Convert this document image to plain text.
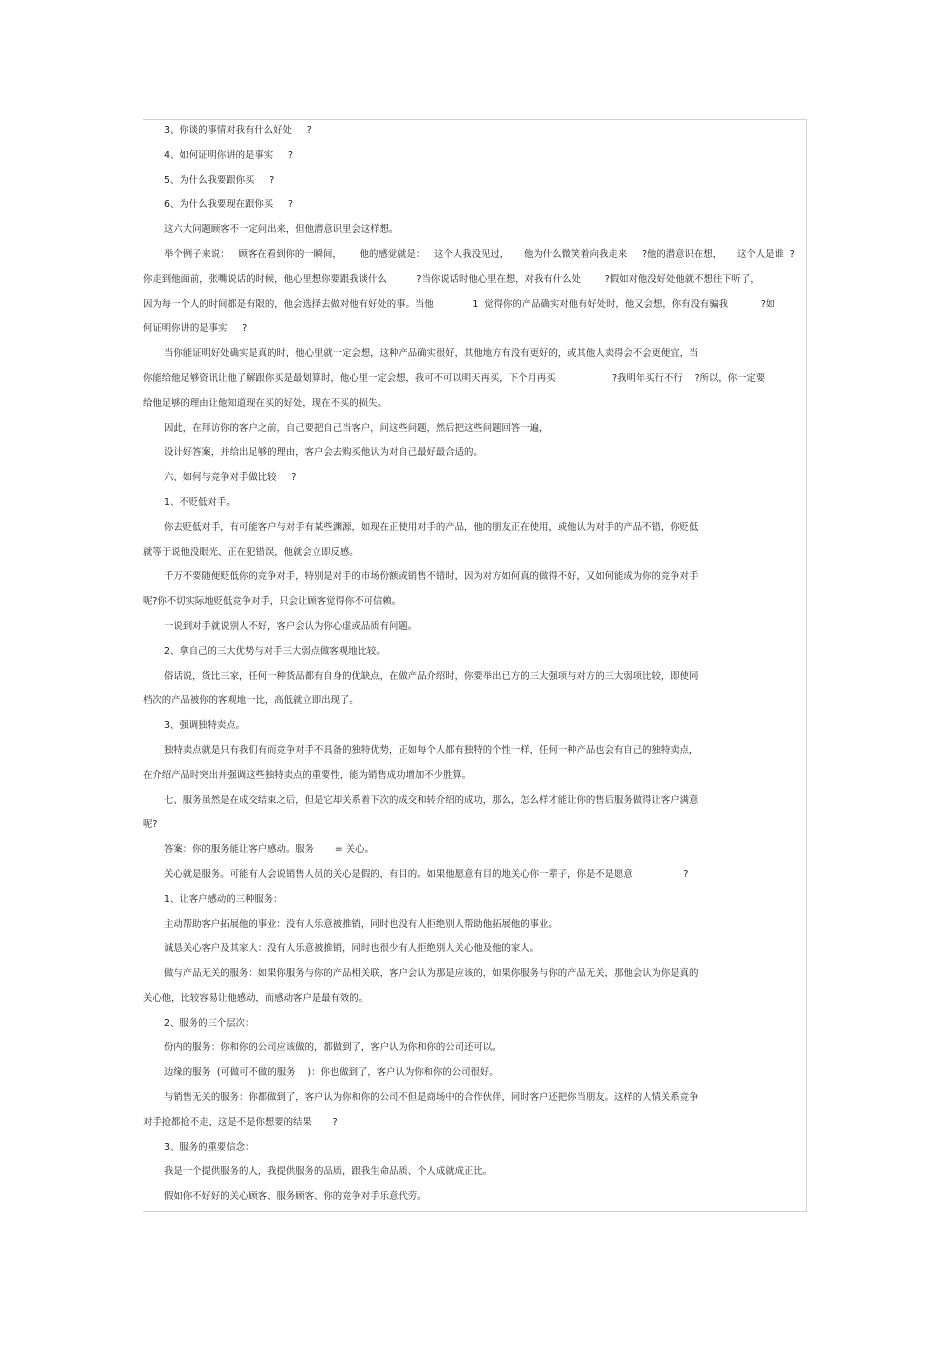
3、你谈的事情对我有什么好处     ?
4、如何证明你讲的是事实     ?
5、为什么我要跟你买     ?
6、为什么我要现在跟你买     ?
这六大问题顾客不一定问出来，但他潜意识里会这样想。
举个例子来说：   顾客在看到你的一瞬间，      他的感觉就是：   这个人我没见过，     他为什么微笑着向我走来     ?他的潜意识在想，     这个人是谁  ?
你走到他面前，张嘴说话的时候，他心里想你要跟我谈什么          ?当你说话时他心里在想，对我有什么处        ?假如对他没好处他就不想往下听了，
因为每一个人的时间都是有限的，他会选择去做对他有好处的事。当他             1  觉得你的产品确实对他有好处时，他又会想，你有没有骗我           ?如
何证明你讲的是事实     ?
当你能证明好处确实是真的时，他心里就一定会想，这种产品确实很好，其他地方有没有更好的，或其他人卖得会不会更便宜，当
你能给他足够资讯让他了解跟你买是最划算时，他心里一定会想，我可不可以明天再买，下个月再买                   ?我明年买行不行    ?所以，你一定要
给他足够的理由让他知道现在买的好处，现在不买的损失。
因此，在拜访你的客户之前，自己要把自己当客户，问这些问题，然后把这些问题回答一遍，
设计好答案，并给出足够的理由，客户会去购买他认为对自己最好最合适的。
六、如何与竞争对手做比较     ?
1、不贬低对手。
你去贬低对手，有可能客户与对手有某些渊源，如现在正使用对手的产品，他的朋友正在使用，或他认为对手的产品不错，你贬低
就等于说他没眼光、正在犯错误，他就会立即反感。
千万不要随便贬低你的竞争对手，特别是对手的市场份额或销售不错时，因为对方如何真的做得不好，又如何能成为你的竞争对手
呢?你不切实际地贬低竞争对手，只会让顾客觉得你不可信赖。
一说到对手就说别人不好，客户会认为你心虚或品质有问题。
2、拿自己的三大优势与对手三大弱点做客观地比较。
俗话说，货比三家，任何一种货品都有自身的优缺点，在做产品介绍时，你要举出已方的三大强项与对方的三大弱项比较，即使同
档次的产品被你的客观地一比，高低就立即出现了。
3、强调独特卖点。
独特卖点就是只有我们有而竞争对手不具备的独特优势，正如每个人都有独特的个性一样，任何一种产品也会有自己的独特卖点，
在介绍产品时突出并强调这些独特卖点的重要性，能为销售成功增加不少胜算。
七、服务虽然是在成交结束之后，但是它却关系着下次的成交和转介绍的成功，那么，怎么样才能让你的售后服务做得让客户满意
呢?
答案：你的服务能让客户感动。服务       = 关心。
关心就是服务。可能有人会说销售人员的关心是假的，有目的。如果他愿意有目的地关心你一辈子，你是不是愿意                 ?
1、让客户感动的三种服务：
主动帮助客户拓展他的事业：没有人乐意被推销，同时也没有人拒绝别人帮助他拓展他的事业。
诚恳关心客户及其家人：没有人乐意被推销，同时也很少有人拒绝别人关心他及他的家人。
做与产品无关的服务：如果你服务与你的产品相关联，客户会认为那是应该的，如果你服务与你的产品无关，那他会认为你是真的
关心他，比较容易让他感动，而感动客户是最有效的。
2、服务的三个层次：
份内的服务：你和你的公司应该做的，都做到了，客户认为你和你的公司还可以。
边缘的服务  (可做可不做的服务    )：你也做到了，客户认为你和你的公司很好。
与销售无关的服务：你都做到了，客户认为你和你的公司不但是商场中的合作伙伴，同时客户还把你当朋友。这样的人情关系竞争
对手抢都抢不走，这是不是你想要的结果       ?
3、服务的重要信念：
我是一个提供服务的人，我提供服务的品质，跟我生命品质、个人成就成正比。
假如你不好好的关心顾客、服务顾客、你的竞争对手乐意代劳。
